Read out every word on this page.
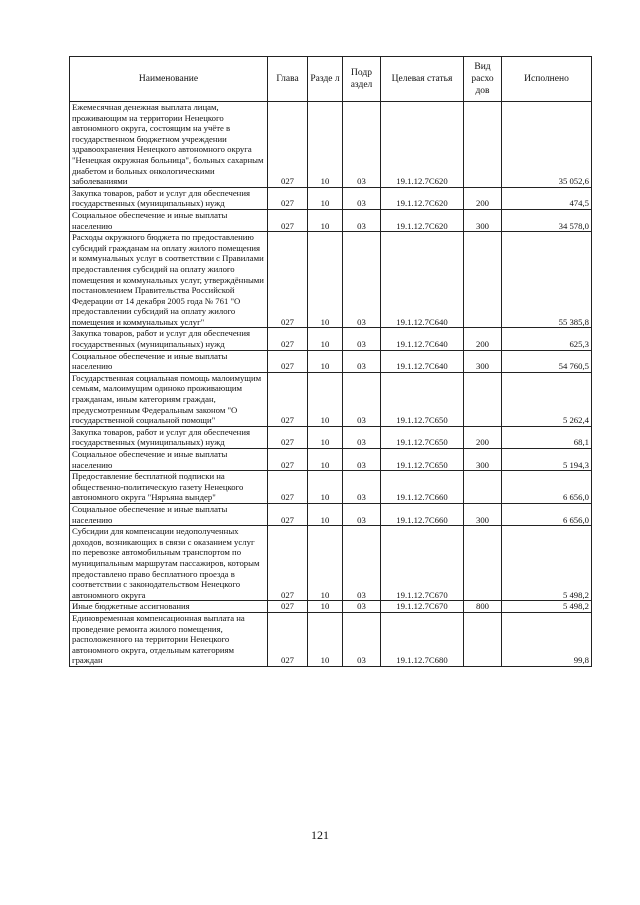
Наименование	Глава	Разде л	Подр аздел	Целевая статья	Вид расхо дов	Исполнено
Ежемесячная денежная выплата лицам, проживающим на территории Ненецкого автономного округа, состоящим на учёте в государственном бюджетном учреждении здравоохранения Ненецкого автономного округа "Ненецкая окружная больница", больных сахарным диабетом и больных онкологическими заболеваниями	027	10	03	19.1.12.7С620		35 052,6
Закупка товаров, работ и услуг для обеспечения государственных (муниципальных) нужд	027	10	03	19.1.12.7С620	200	474,5
Социальное обеспечение и иные выплаты населению	027	10	03	19.1.12.7С620	300	34 578,0
Расходы окружного бюджета по предоставлению субсидий гражданам на оплату жилого помещения и коммунальных услуг в соответствии с Правилами предоставления субсидий на оплату жилого помещения и коммунальных услуг, утверждёнными постановлением Правительства Российской Федерации от 14 декабря 2005 года № 761 "О предоставлении субсидий на оплату жилого помещения и коммунальных услуг"	027	10	03	19.1.12.7С640		55 385,8
Закупка товаров, работ и услуг для обеспечения государственных (муниципальных) нужд	027	10	03	19.1.12.7С640	200	625,3
Социальное обеспечение и иные выплаты населению	027	10	03	19.1.12.7С640	300	54 760,5
Государственная социальная помощь малоимущим семьям, малоимущим одиноко проживающим гражданам, иным категориям граждан, предусмотренным Федеральным законом "О государственной социальной помощи"	027	10	03	19.1.12.7С650		5 262,4
Закупка товаров, работ и услуг для обеспечения государственных (муниципальных) нужд	027	10	03	19.1.12.7С650	200	68,1
Социальное обеспечение и иные выплаты населению	027	10	03	19.1.12.7С650	300	5 194,3
Предоставление бесплатной подписки на общественно-политическую газету Ненецкого автономного округа "Няръяна вындер"	027	10	03	19.1.12.7С660		6 656,0
Социальное обеспечение и иные выплаты населению	027	10	03	19.1.12.7С660	300	6 656,0
Субсидии для компенсации недополученных доходов, возникающих в связи с оказанием услуг по перевозке автомобильным транспортом по муниципальным маршрутам пассажиров, которым предоставлено право бесплатного проезда в соответствии с законодательством Ненецкого автономного округа	027	10	03	19.1.12.7С670		5 498,2
Иные бюджетные ассигнования	027	10	03	19.1.12.7С670	800	5 498,2
Единовременная компенсационная выплата на проведение ремонта жилого помещения, расположенного на территории Ненецкого автономного округа, отдельным категориям граждан	027	10	03	19.1.12.7С680		99,8
121
